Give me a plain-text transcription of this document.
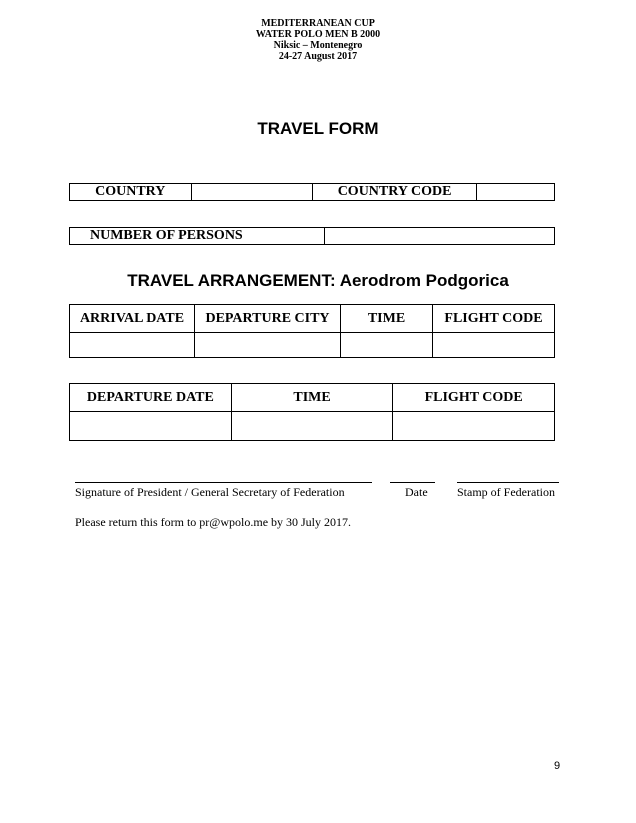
MEDITERRANEAN CUP
WATER POLO MEN B 2000
Niksic – Montenegro
24-27 August 2017
TRAVEL FORM
COUNTRY		COUNTRY CODE	
NUMBER OF PERSONS	
TRAVEL ARRANGEMENT: Aerodrom Podgorica
ARRIVAL DATE	DEPARTURE CITY	TIME	FLIGHT CODE

DEPARTURE DATE	TIME	FLIGHT CODE

Signature of President / General Secretary of Federation	Date Stamp of Federation
Please return this form to pr@wpolo.me by 30 July 2017.
9
